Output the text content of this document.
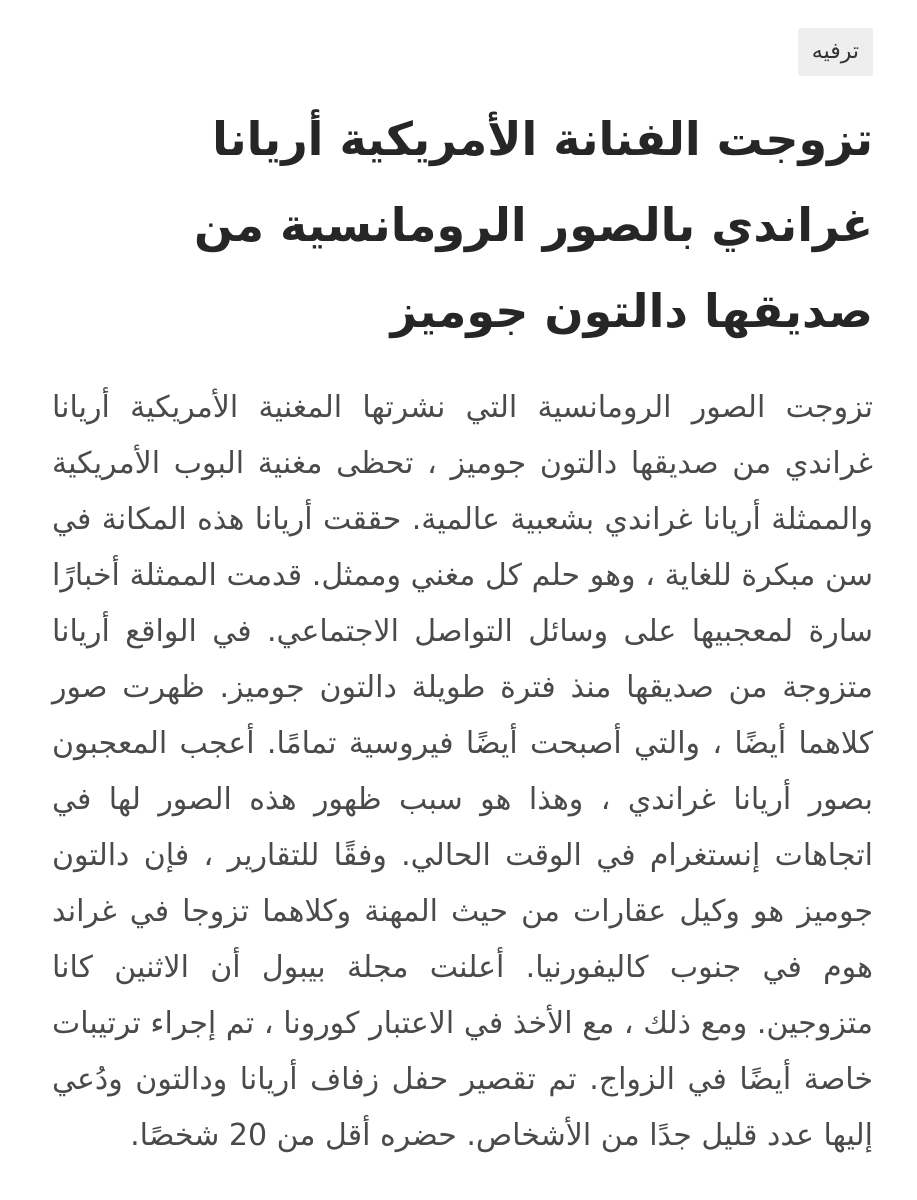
ترفيه
تزوجت الفنانة الأمريكية أريانا غراندي بالصور الرومانسية من صديقها دالتون جوميز

تزوجت الصور الرومانسية التي نشرتها المغنية الأمريكية أريانا غراندي من صديقها دالتون جوميز ، تحظى مغنية البوب الأمريكية والممثلة أريانا غراندي بشعبية عالمية. حققت أريانا هذه المكانة في سن مبكرة للغاية ، وهو حلم كل مغني وممثل. قدمت الممثلة أخبارًا سارة لمعجبيها على وسائل التواصل الاجتماعي. في الواقع أريانا متزوجة من صديقها منذ فترة طويلة دالتون جوميز. ظهرت صور كلاهما أيضًا ، والتي أصبحت أيضًا فيروسية تمامًا. أعجب المعجبون بصور أريانا غراندي ، وهذا هو سبب ظهور هذه الصور لها في اتجاهات إنستغرام في الوقت الحالي. وفقًا للتقارير ، فإن دالتون جوميز هو وكيل عقارات من حيث المهنة وكلاهما تزوجا في غراند هوم في جنوب كاليفورنيا. أعلنت مجلة بيبول أن الاثنين كانا متزوجين. ومع ذلك ، مع الأخذ في الاعتبار كورونا ، تم إجراء ترتيبات خاصة أيضًا في الزواج. تم تقصير حفل زفاف أريانا ودالتون ودُعي إليها عدد قليل جدًا من الأشخاص. حضره أقل من 20 شخصًا.
